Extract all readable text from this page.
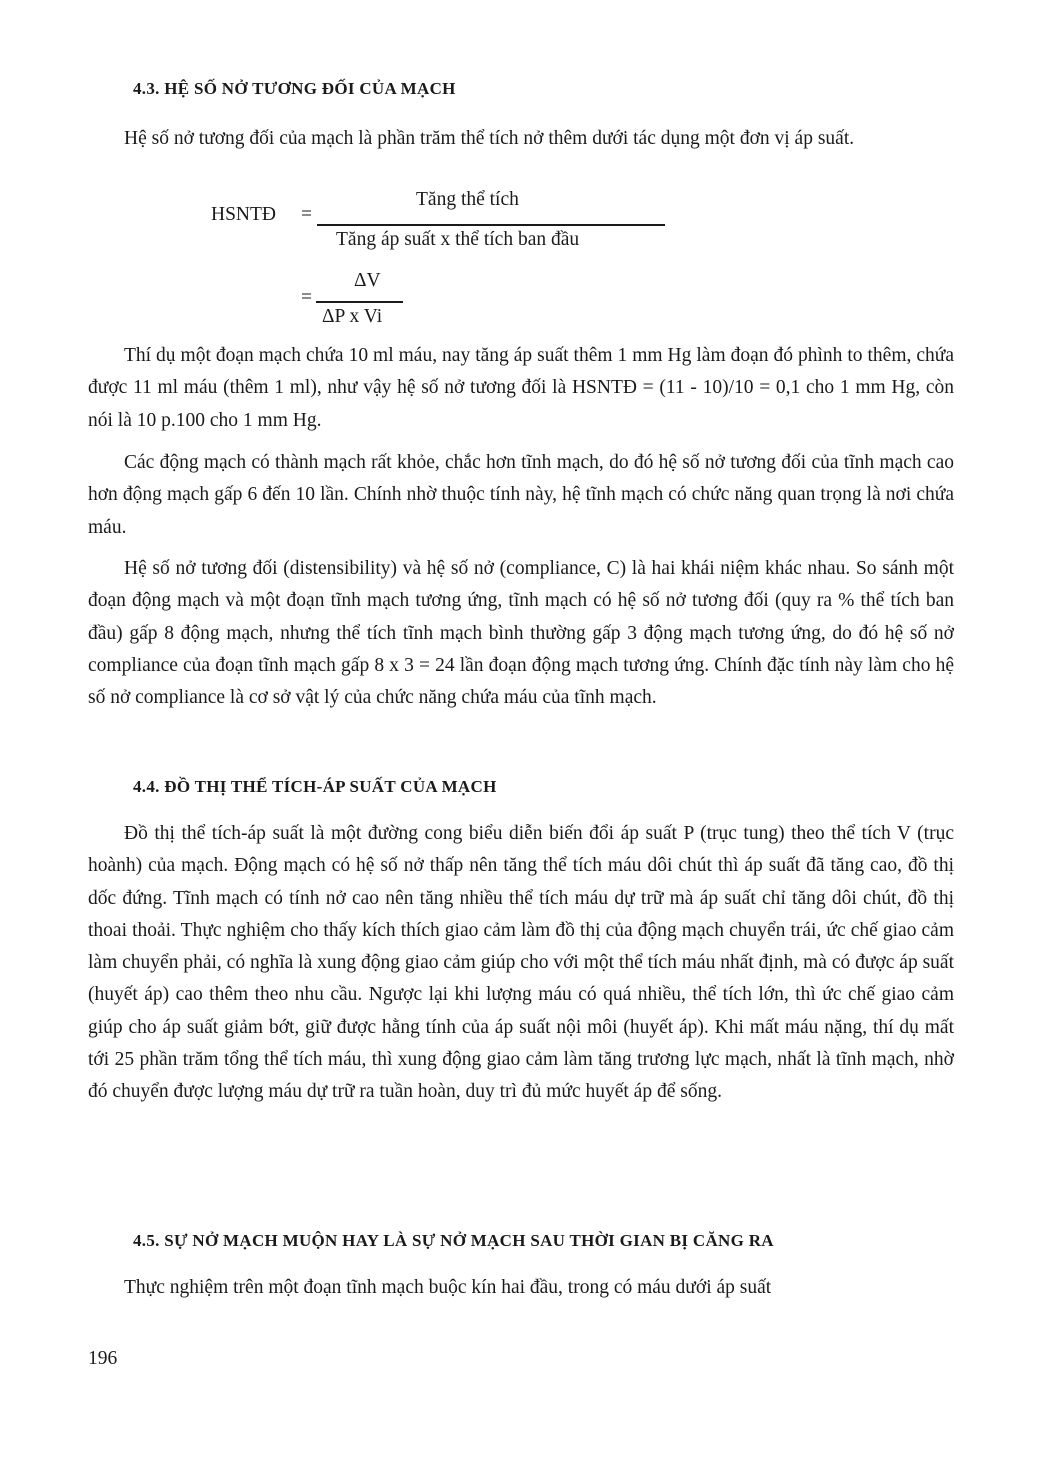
4.3. HỆ SỐ NỞ TƯƠNG ĐỐI CỦA MẠCH

Hệ số nở tương đối của mạch là phần trăm thể tích nở thêm dưới tác dụng một đơn vị áp suất.

HSNTĐ =
Tăng thể tích
Tăng áp suất x thể tích ban đầu
=
ΔV
ΔP x Vi

Thí dụ một đoạn mạch chứa 10 ml máu, nay tăng áp suất thêm 1 mm Hg làm đoạn đó phình to thêm, chứa được 11 ml máu (thêm 1 ml), như vậy hệ số nở tương đối là HSNTĐ = (11 - 10)/10 = 0,1 cho 1 mm Hg, còn nói là 10 p.100 cho 1 mm Hg.

Các động mạch có thành mạch rất khỏe, chắc hơn tĩnh mạch, do đó hệ số nở tương đối của tĩnh mạch cao hơn động mạch gấp 6 đến 10 lần. Chính nhờ thuộc tính này, hệ tĩnh mạch có chức năng quan trọng là nơi chứa máu.

Hệ số nở tương đối (distensibility) và hệ số nở (compliance, C) là hai khái niệm khác nhau. So sánh một đoạn động mạch và một đoạn tĩnh mạch tương ứng, tĩnh mạch có hệ số nở tương đối (quy ra % thể tích ban đầu) gấp 8 động mạch, nhưng thể tích tĩnh mạch bình thường gấp 3 động mạch tương ứng, do đó hệ số nở compliance của đoạn tĩnh mạch gấp 8 x 3 = 24 lần đoạn động mạch tương ứng. Chính đặc tính này làm cho hệ số nở compliance là cơ sở vật lý của chức năng chứa máu của tĩnh mạch.

4.4. ĐỒ THỊ THỂ TÍCH-ÁP SUẤT CỦA MẠCH

Đồ thị thể tích-áp suất là một đường cong biểu diễn biến đổi áp suất P (trục tung) theo thể tích V (trục hoành) của mạch. Động mạch có hệ số nở thấp nên tăng thể tích máu dôi chút thì áp suất đã tăng cao, đồ thị dốc đứng. Tĩnh mạch có tính nở cao nên tăng nhiều thể tích máu dự trữ mà áp suất chỉ tăng dôi chút, đồ thị thoai thoải. Thực nghiệm cho thấy kích thích giao cảm làm đồ thị của động mạch chuyển trái, ức chế giao cảm làm chuyển phải, có nghĩa là xung động giao cảm giúp cho với một thể tích máu nhất định, mà có được áp suất (huyết áp) cao thêm theo nhu cầu. Ngược lại khi lượng máu có quá nhiều, thể tích lớn, thì ức chế giao cảm giúp cho áp suất giảm bớt, giữ được hằng tính của áp suất nội môi (huyết áp). Khi mất máu nặng, thí dụ mất tới 25 phần trăm tổng thể tích máu, thì xung động giao cảm làm tăng trương lực mạch, nhất là tĩnh mạch, nhờ đó chuyển được lượng máu dự trữ ra tuần hoàn, duy trì đủ mức huyết áp để sống.

4.5. SỰ NỞ MẠCH MUỘN HAY LÀ SỰ NỞ MẠCH SAU THỜI GIAN BỊ CĂNG RA

Thực nghiệm trên một đoạn tĩnh mạch buộc kín hai đầu, trong có máu dưới áp suất

196
